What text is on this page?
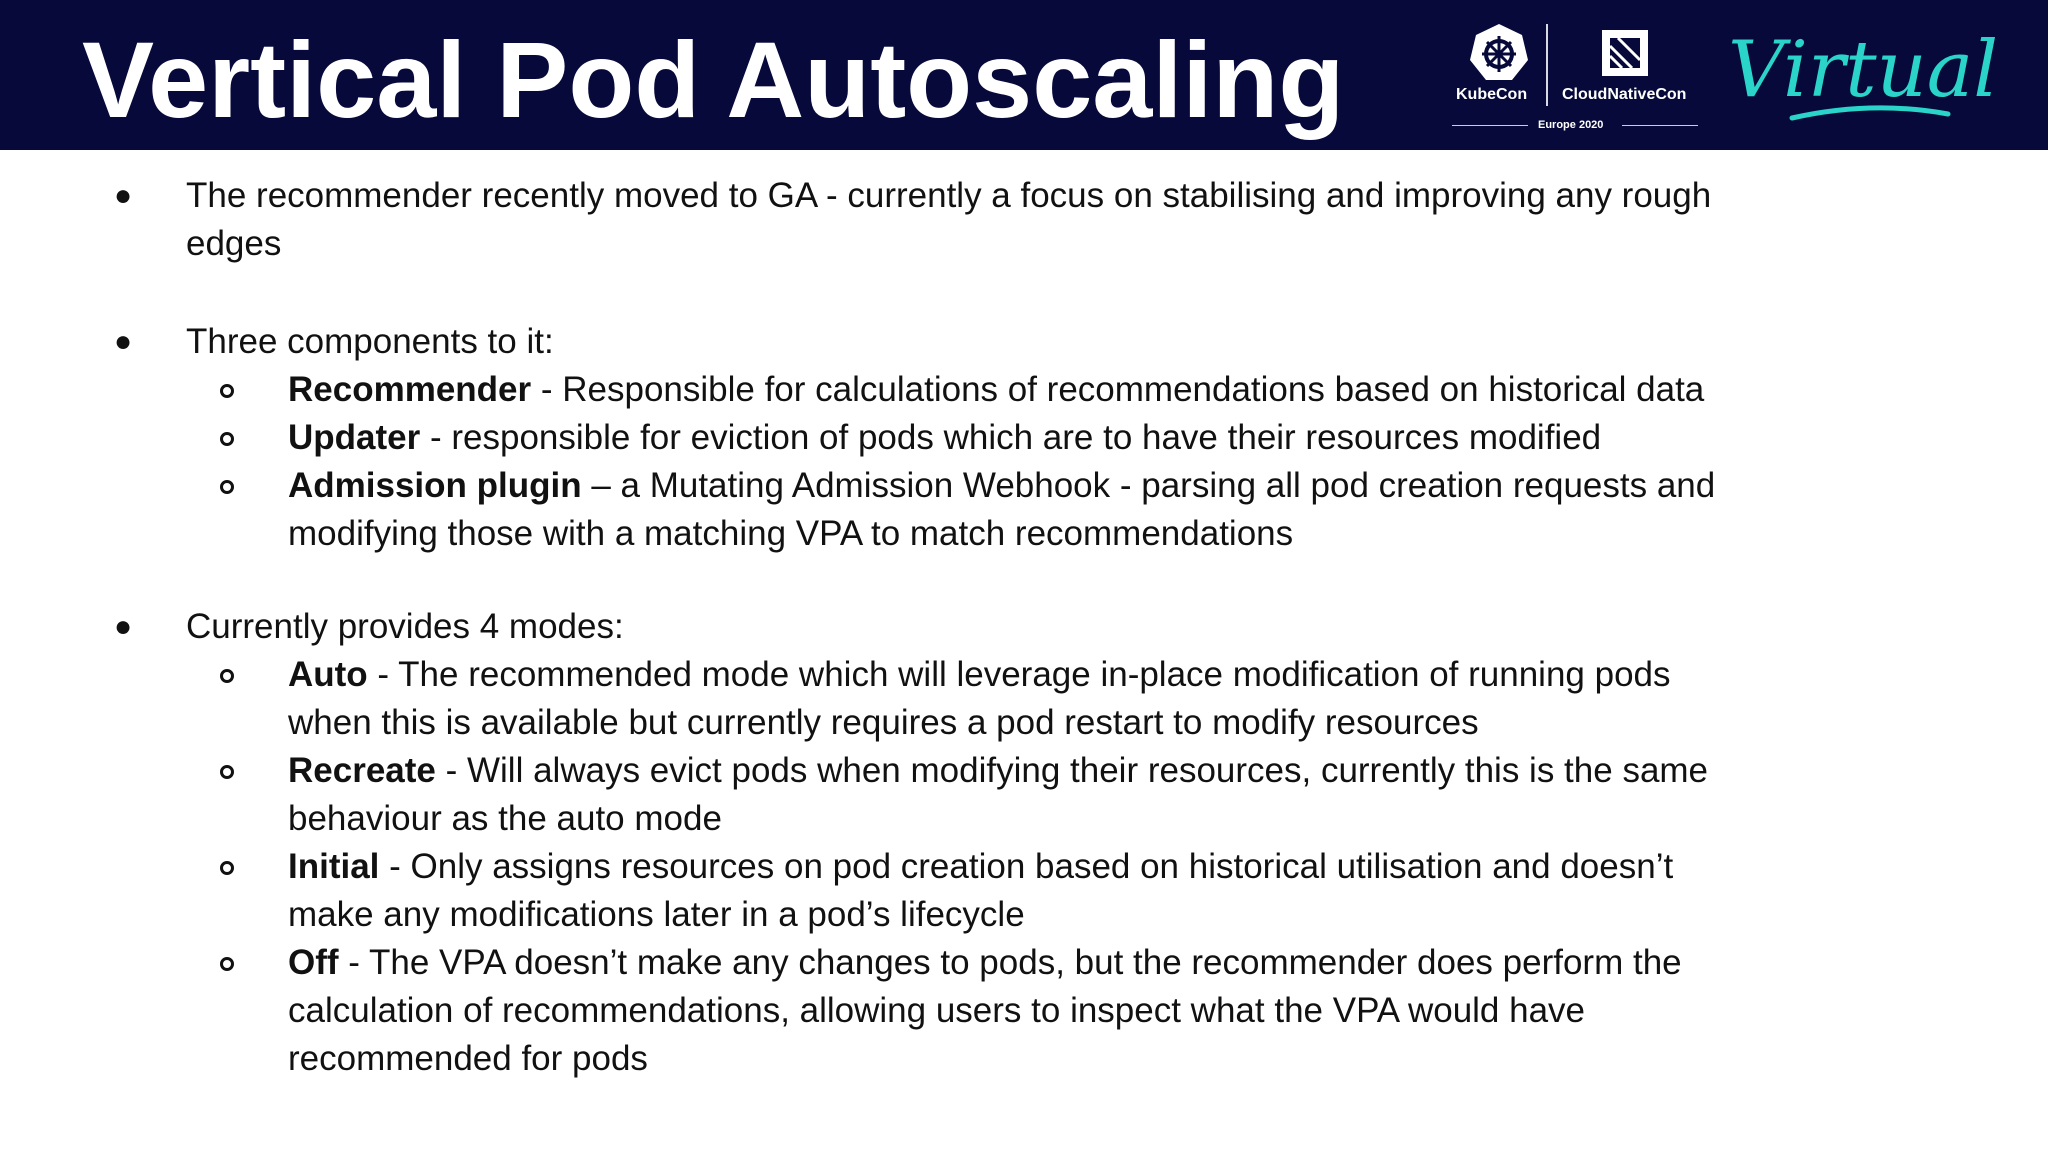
Vertical Pod Autoscaling	KubeCon CloudNativeCon
Europe 2020
Virtual
● The recommender recently moved to GA - currently a focus on stabilising and improving any rough
edges
● Three components to it:
Recommender - Responsible for calculations of recommendations based on historical data
Updater - responsible for eviction of pods which are to have their resources modified
Admission plugin – a Mutating Admission Webhook - parsing all pod creation requests and
modifying those with a matching VPA to match recommendations
● Currently provides 4 modes:
Auto - The recommended mode which will leverage in-place modification of running pods
when this is available but currently requires a pod restart to modify resources
Recreate - Will always evict pods when modifying their resources, currently this is the same
behaviour as the auto mode
Initial - Only assigns resources on pod creation based on historical utilisation and doesn’t
make any modifications later in a pod’s lifecycle
Off - The VPA doesn’t make any changes to pods, but the recommender does perform the
calculation of recommendations, allowing users to inspect what the VPA would have
recommended for pods
